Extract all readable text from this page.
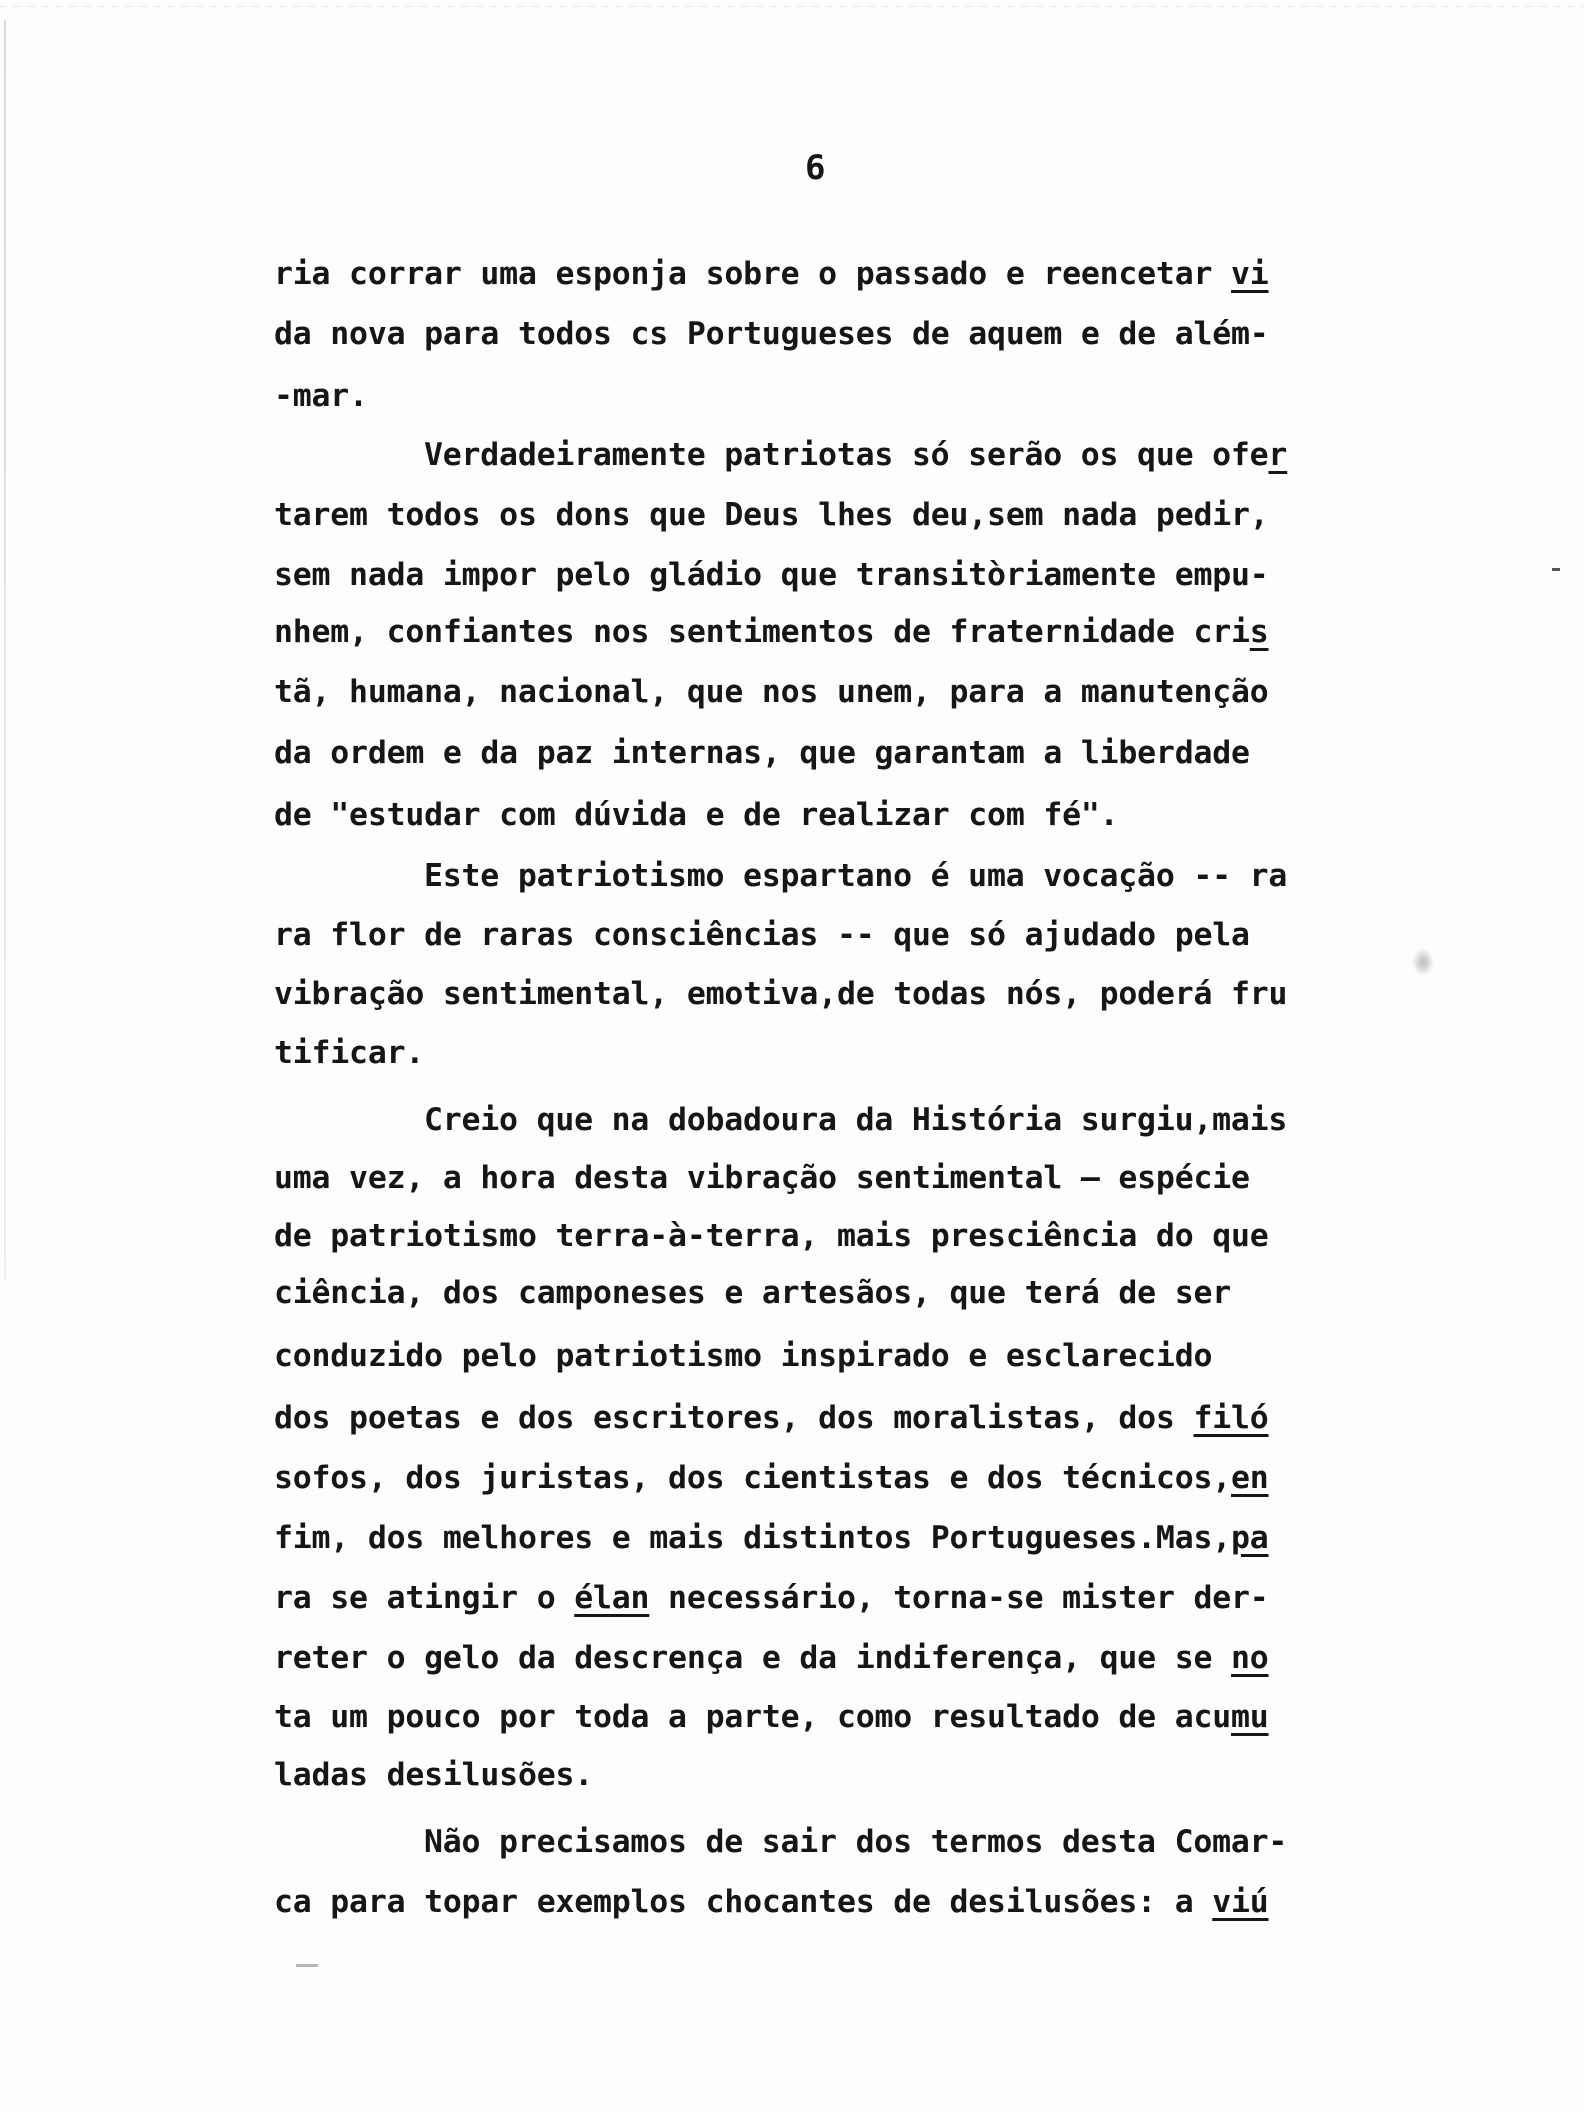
6
ria corrar uma esponja sobre o passado e reencetar vi
da nova para todos cs Portugueses de aquem e de além-
-mar.
Verdadeiramente patriotas só serão os que ofer
tarem todos os dons que Deus lhes deu,sem nada pedir,
sem nada impor pelo gládio que transitòriamente empu-
nhem, confiantes nos sentimentos de fraternidade cris
tã, humana, nacional, que nos unem, para a manutenção
da ordem e da paz internas, que garantam a liberdade
de "estudar com dúvida e de realizar com fé".
Este patriotismo espartano é uma vocação -- ra
ra flor de raras consciências -- que só ajudado pela
vibração sentimental, emotiva,de todas nós, poderá fru
tificar.
Creio que na dobadoura da História surgiu,mais
uma vez, a hora desta vibração sentimental — espécie
de patriotismo terra-à-terra, mais presciência do que
ciência, dos camponeses e artesãos, que terá de ser
conduzido pelo patriotismo inspirado e esclarecido
dos poetas e dos escritores, dos moralistas, dos filó
sofos, dos juristas, dos cientistas e dos técnicos,en
fim, dos melhores e mais distintos Portugueses.Mas,pa
ra se atingir o élan necessário, torna-se mister der-
reter o gelo da descrença e da indiferença, que se no
ta um pouco por toda a parte, como resultado de acumu
ladas desilusões.
Não precisamos de sair dos termos desta Comar-
ca para topar exemplos chocantes de desilusões: a viú
